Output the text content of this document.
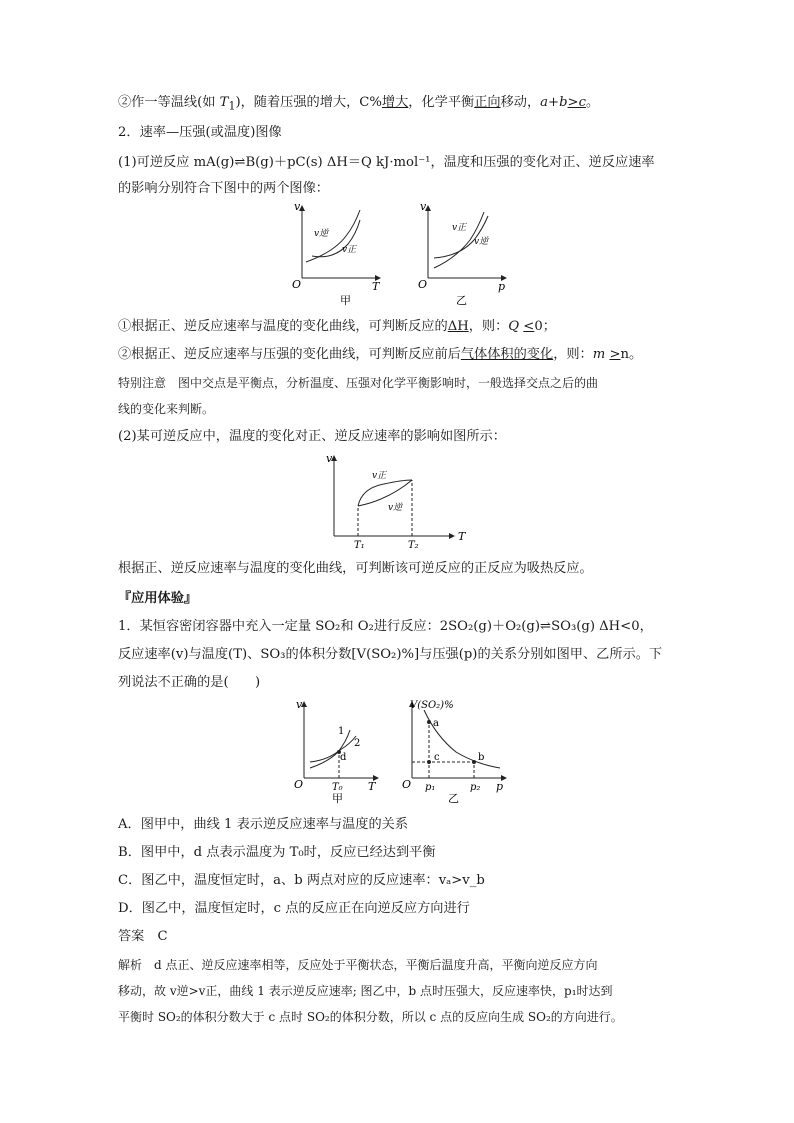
②作一等温线(如 $T_1$)，随着压强的增大，C%增大，化学平衡正向移动，a+b>c。
2．速率—压强(或温度)图像
(1)可逆反应 mA(g)⇌B(g)＋pC(s) ΔH＝Q kJ·mol⁻¹，温度和压强的变化对正、逆反应速率
的影响分别符合下图中的两个图像：
v
T
O
v逆
v正
甲
v
p
O
v正
v逆
乙
①根据正、逆反应速率与温度的变化曲线，可判断反应的ΔH，则：Q <0；
②根据正、逆反应速率与压强的变化曲线，可判断反应前后气体体积的变化，则：m >n。
特别注意　图中交点是平衡点，分析温度、压强对化学平衡影响时，一般选择交点之后的曲
线的变化来判断。
(2)某可逆反应中，温度的变化对正、逆反应速率的影响如图所示：
v
T
v正
v逆
T₁	T₂
根据正、逆反应速率与温度的变化曲线，可判断该可逆反应的正反应为吸热反应。
『应用体验』
1．某恒容密闭容器中充入一定量 SO₂和 O₂进行反应：2SO₂(g)＋O₂(g)⇌SO₃(g) ΔH<0，
反应速率(v)与温度(T)、SO₃的体积分数[V(SO₂)%]与压强(p)的关系分别如图甲、乙所示。下
列说法不正确的是(　　)
v
T
O
1
2
d
T₀
甲
V(SO₂)%
p
O
a
c	b
p₁	p₂
乙
A．图甲中，曲线 1 表示逆反应速率与温度的关系
B．图甲中，d 点表示温度为 T₀时，反应已经达到平衡
C．图乙中，温度恒定时，a、b 两点对应的反应速率：vₐ>v_b
D．图乙中，温度恒定时，c 点的反应正在向逆反应方向进行
答案　C
解析　d 点正、逆反应速率相等，反应处于平衡状态，平衡后温度升高，平衡向逆反应方向
移动，故 v逆>v正，曲线 1 表示逆反应速率; 图乙中，b 点时压强大，反应速率快，p₁时达到
平衡时 SO₂的体积分数大于 c 点时 SO₂的体积分数，所以 c 点的反应向生成 SO₂的方向进行。
